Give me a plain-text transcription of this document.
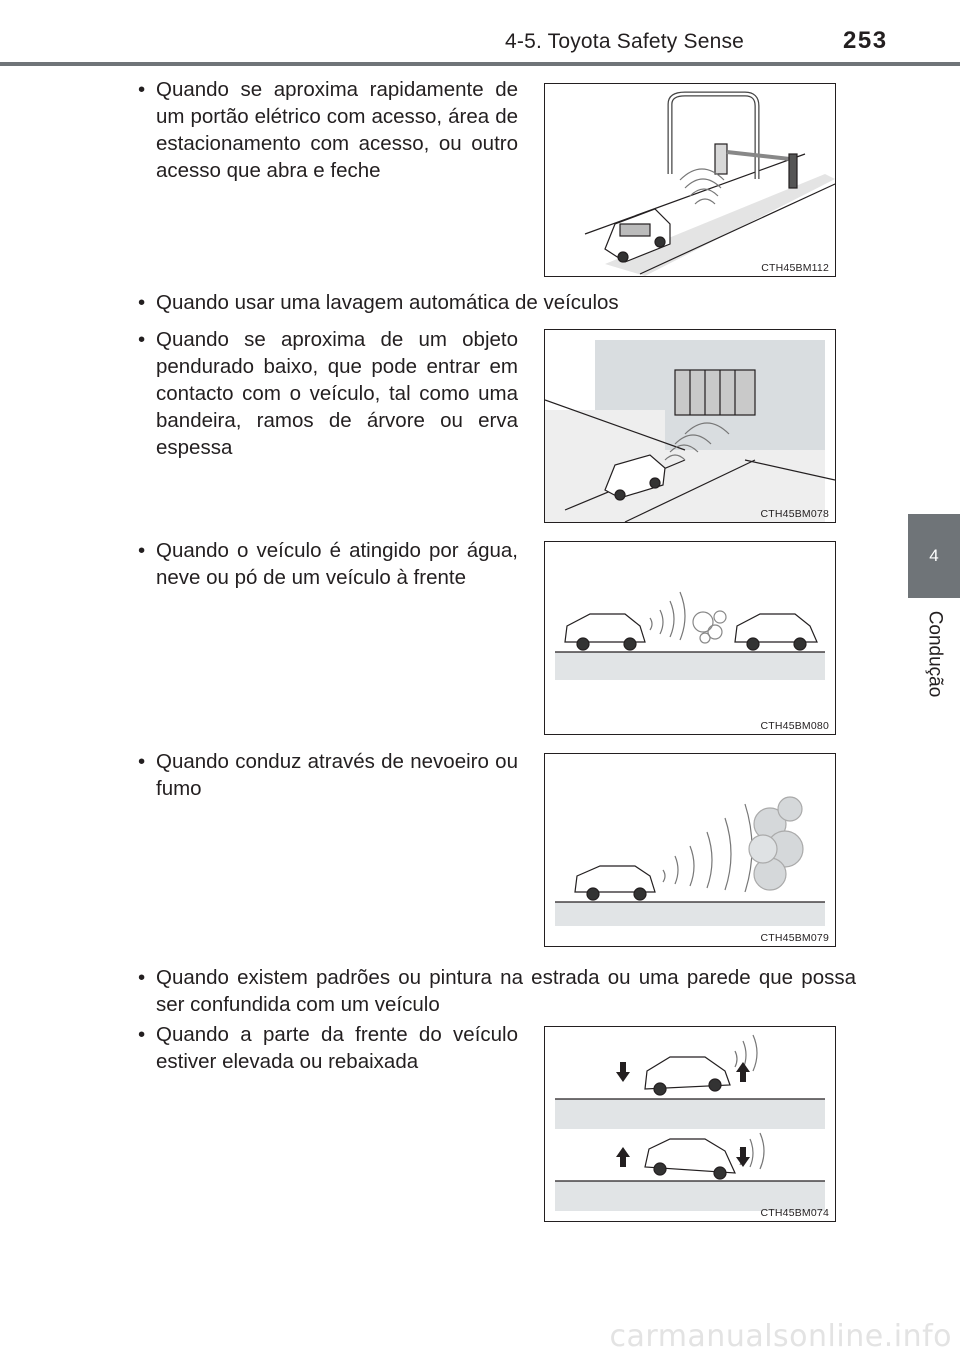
4-5. Toyota Safety Sense	253
4
Condução
• Quando se aproxima rapidamente de um portão elétrico com acesso, área de estacionamento com acesso, ou outro acesso que abra e feche
• Quando usar uma lavagem automática de veículos
• Quando se aproxima de um objeto pendurado baixo, que pode entrar em contacto com o veículo, tal como uma bandeira, ramos de árvore ou erva espessa
• Quando o veículo é atingido por água, neve ou pó de um veículo à frente
• Quando conduz através de nevoeiro ou fumo
• Quando existem padrões ou pintura na estrada ou uma parede que possa ser confundida com um veículo
• Quando a parte da frente do veículo estiver elevada ou rebaixada
CTH45BM112
CTH45BM078
CTH45BM080
CTH45BM079
CTH45BM074
carmanualsonline.info
